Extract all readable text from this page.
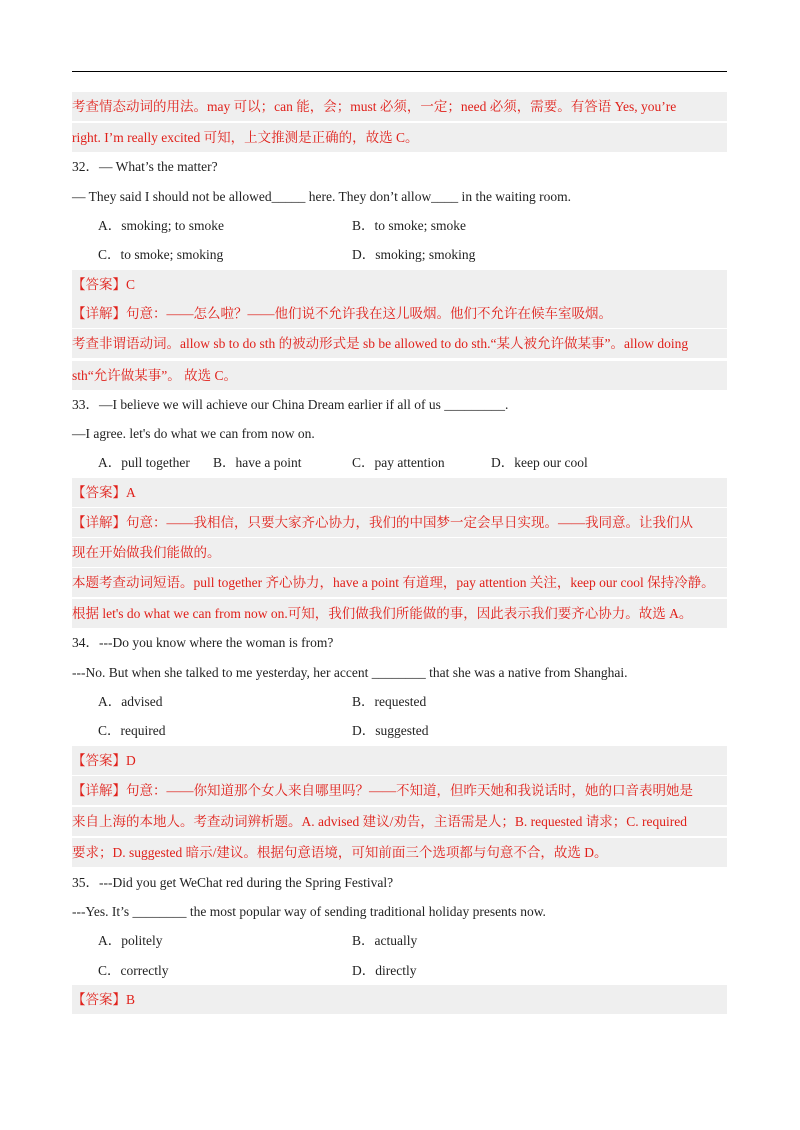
考查情态动词的用法。may 可以；can 能，会；must 必须，一定；need 必须，需要。有答语 Yes, you’re
right. I’m really excited 可知，上文推测是正确的，故选 C。
32．— What’s the matter?
— They said I should not be allowed_____ here. They don’t allow____ in the waiting room.
A．smoking; to smoke	B．to smoke; smoke
C．to smoke; smoking	D．smoking; smoking
【答案】C
【详解】句意：——怎么啦？——他们说不允许我在这儿吸烟。他们不允许在候车室吸烟。
考查非谓语动词。allow sb to do sth 的被动形式是 sb be allowed to do sth.“某人被允许做某事”。allow doing
sth“允许做某事”。 故选 C。
33．—I believe we will achieve our China Dream earlier if all of us _________.
—I agree. let's do what we can from now on.
A．pull together B．have a point	C．pay attention	D．keep our cool
【答案】A
【详解】句意：——我相信，只要大家齐心协力，我们的中国梦一定会早日实现。——我同意。让我们从
现在开始做我们能做的。
本题考查动词短语。pull together 齐心协力，have a point 有道理，pay attention 关注，keep our cool 保持冷静。
根据 let's do what we can from now on.可知，我们做我们所能做的事，因此表示我们要齐心协力。故选 A。
34．---Do you know where the woman is from?
---No. But when she talked to me yesterday, her accent ________ that she was a native from Shanghai.
A．advised	B．requested
C．required	D．suggested
【答案】D
【详解】句意：——你知道那个女人来自哪里吗？——不知道，但昨天她和我说话时，她的口音表明她是
来自上海的本地人。考查动词辨析题。A. advised 建议/劝告，主语需是人；B. requested 请求；C. required
要求；D. suggested 暗示/建议。根据句意语境，可知前面三个选项都与句意不合，故选 D。
35．---Did you get WeChat red during the Spring Festival?
---Yes. It’s ________ the most popular way of sending traditional holiday presents now.
A．politely	B．actually
C．correctly	D．directly
【答案】B
